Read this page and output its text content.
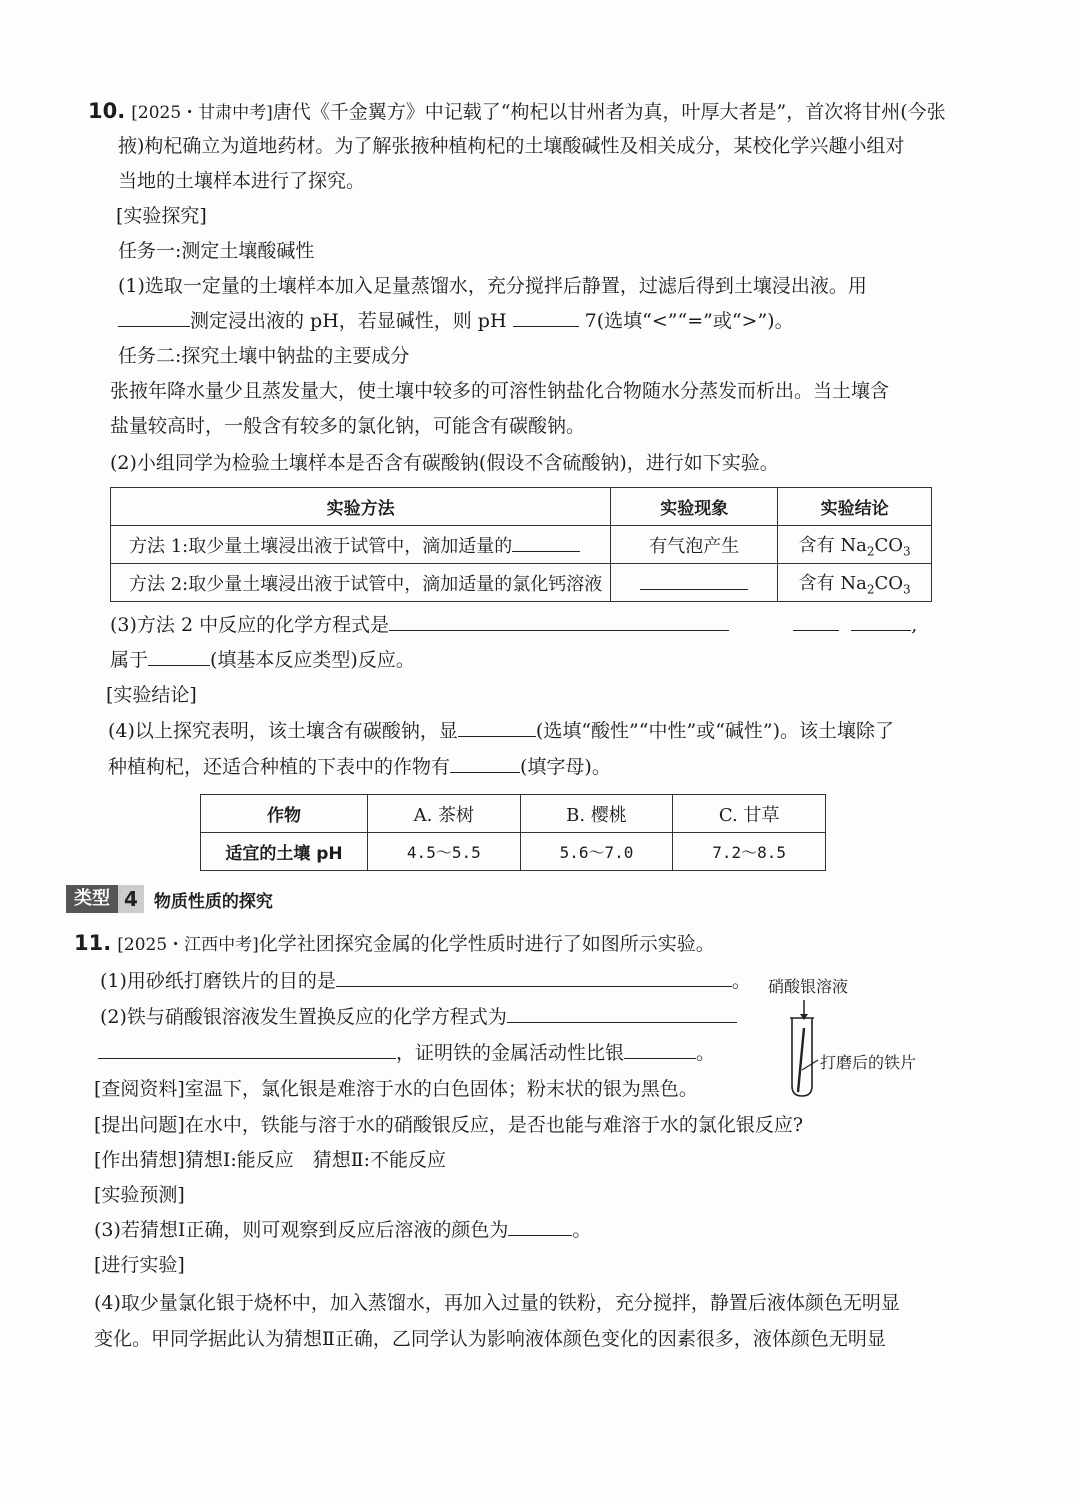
10. [2025・甘肃中考]唐代《千金翼方》中记载了“枸杞以甘州者为真，叶厚大者是”，首次将甘州(今张
掖)枸杞确立为道地药材。为了解张掖种植枸杞的土壤酸碱性及相关成分，某校化学兴趣小组对
当地的土壤样本进行了探究。
[实验探究]
任务一:测定土壤酸碱性
(1)选取一定量的土壤样本加入足量蒸馏水，充分搅拌后静置，过滤后得到土壤浸出液。用
测定浸出液的 pH，若显碱性，则 pH	7(选填“<”“=”或“>”)。
任务二:探究土壤中钠盐的主要成分
张掖年降水量少且蒸发量大，使土壤中较多的可溶性钠盐化合物随水分蒸发而析出。当土壤含
盐量较高时，一般含有较多的氯化钠，可能含有碳酸钠。
(2)小组同学为检验土壤样本是否含有碳酸钠(假设不含硫酸钠)，进行如下实验。
实验方法	实验现象	实验结论
方法 1:取少量土壤浸出液于试管中，滴加适量的	有气泡产生	含有 $Na_2CO_3$
方法 2:取少量土壤浸出液于试管中，滴加适量的氯化钙溶液		含有 $Na_2CO_3$
(3)方法 2 中反应的化学方程式是	,
属于	(填基本反应类型)反应。
[实验结论]
(4)以上探究表明，该土壤含有碳酸钠，显	(选填“酸性”“中性”或“碱性”)。该土壤除了
种植枸杞，还适合种植的下表中的作物有	(填字母)。
作物	A. 茶树	B. 樱桃	C. 甘草
适宜的土壤 pH	4.5～5.5	5.6～7.0	7.2～8.5
类型 4 物质性质的探究
11. [2025・江西中考]化学社团探究金属的化学性质时进行了如图所示实验。
(1)用砂纸打磨铁片的目的是	。
(2)铁与硝酸银溶液发生置换反应的化学方程式为
，证明铁的金属活动性比银	。
硝酸银溶液
打磨后的铁片
[查阅资料]室温下，氯化银是难溶于水的白色固体；粉末状的银为黑色。
[提出问题]在水中，铁能与溶于水的硝酸银反应，是否也能与难溶于水的氯化银反应?
[作出猜想]猜想Ⅰ:能反应　猜想Ⅱ:不能反应
[实验预测]
(3)若猜想Ⅰ正确，则可观察到反应后溶液的颜色为	。
[进行实验]
(4)取少量氯化银于烧杯中，加入蒸馏水，再加入过量的铁粉，充分搅拌，静置后液体颜色无明显
变化。甲同学据此认为猜想Ⅱ正确，乙同学认为影响液体颜色变化的因素很多，液体颜色无明显
